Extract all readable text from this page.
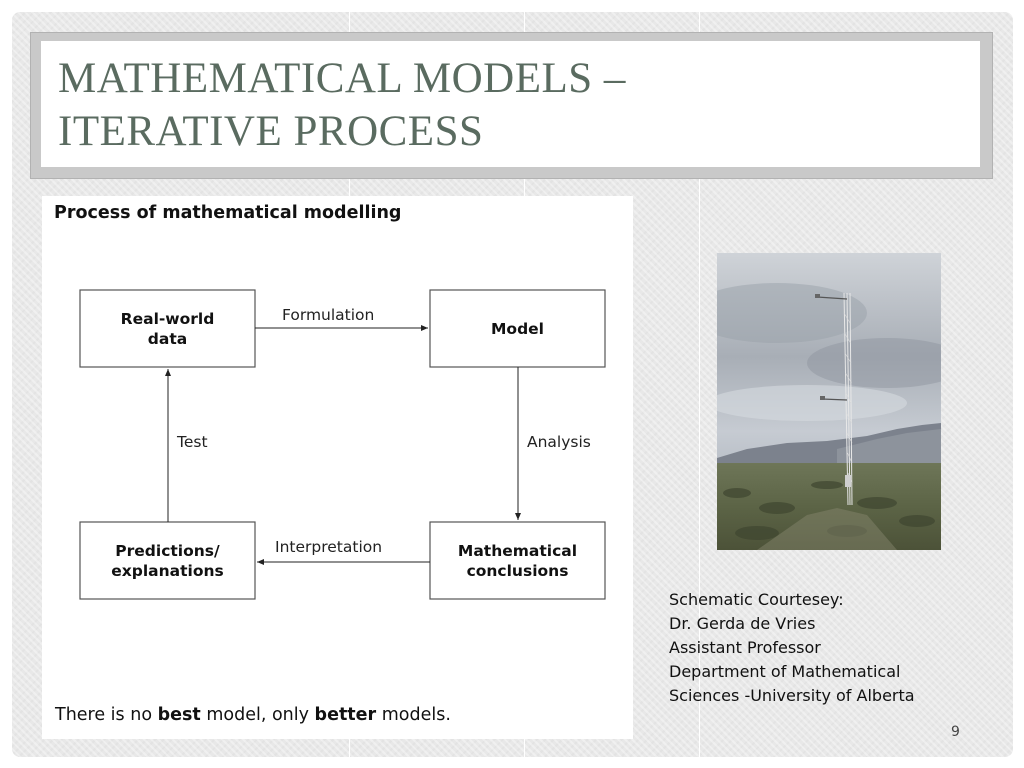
MATHEMATICAL MODELS –
ITERATIVE PROCESS
Process of mathematical modelling
Real-world
data
Model
Mathematical
conclusions
Predictions/
explanations
Formulation
Analysis
Interpretation
Test
There is no best model, only better models.
Schematic Courtesey:
Dr. Gerda de Vries
Assistant Professor
Department of Mathematical
Sciences -University of Alberta
9
